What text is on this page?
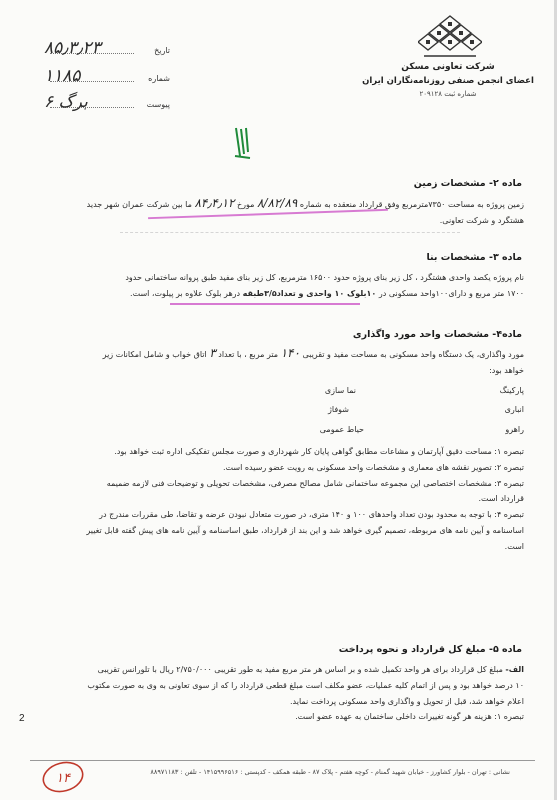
شرکت تعاونی مسکن
اعضای انجمن صنفی روزنامه‌نگاران ایران
شماره ثبت ۲۰۹۱۲۸
تاریخ
۸۵٫۳٫۲۳
شماره
۱۱۸۵
پیوست
۶ برگ
ماده ۲- مشخصات زمین
زمین پروژه به مساحت ۷۳۵۰مترمربع وفق قرارداد منعقده به شماره ۸/۸۲/۸۹ مورخ ۸۴٫۴٫۱۲ ما بین شرکت عمران شهر جدید
هشتگرد و شرکت تعاونی.
ماده ۳- مشخصات بنا
نام پروژه یکصد واحدی هشتگرد ، کل زیر بنای پروژه حدود ۱۶۵۰۰ مترمربع، کل زیر بنای مفید طبق پروانه ساختمانی حدود
۱۷۰۰ متر مربع و دارای۱۰۰واحد مسکونی در ۱۰بلوک ۱۰ واحدی و تعداد۳/۵طبقه درهر بلوک علاوه بر پیلوت، است.
ماده۴- مشخصات واحد مورد واگذاری
مورد واگذاری، یک دستگاه واحد مسکونی به مساحت مفید و تقریبی ۱۴۰ متر مربع ، با تعداد ۳ اتاق خواب و شامل امکانات زیر
خواهد بود:
پارکینگ
انباری
راهرو
نما سازی
شوفاژ
حیاط عمومی
تبصره ۱: مساحت دقیق آپارتمان و مشاعات مطابق گواهی پایان کار شهرداری و صورت مجلس تفکیکی اداره ثبت خواهد بود.
تبصره ۲: تصویر نقشه های معماری و مشخصات واحد مسکونی به رویت عضو رسیده است.
تبصره ۳: مشخصات اختصاصی این مجموعه ساختمانی شامل مصالح مصرفی، مشخصات تحویلی و توضیحات فنی لازمه ضمیمه
قرارداد است.
تبصره ۴: با توجه به محدود بودن تعداد واحدهای ۱۰۰ و ۱۴۰ متری، در صورت متعادل نبودن عرضه و تقاضا، طی مقررات مندرج در
اساسنامه و آیین نامه های مربوطه، تصمیم گیری خواهد شد و این بند از قرارداد، طبق اساسنامه و آیین نامه های پیش گفته قابل تغییر
است.
ماده ۵- مبلغ کل قرارداد و نحوه پرداخت
الف- مبلغ کل قرارداد برای هر واحد تکمیل شده و بر اساس هر متر مربع مفید به طور تقریبی ۲/۷۵۰/۰۰۰ ریال با تلورانس تقریبی
۱۰ درصد خواهد بود و پس از اتمام کلیه عملیات، عضو مکلف است مبلغ قطعی قرارداد را که از سوی تعاونی به وی به صورت مکتوب
اعلام خواهد شد، قبل از تحویل و واگذاری واحد مسکونی پرداخت نماید.
تبصره ۱: هزینه هر گونه تغییرات داخلی ساختمان به عهده عضو است.
2
نشانی : تهران - بلوار کشاورز - خیابان شهید گمنام - کوچه هفتم - پلاک ۸۷ - طبقه همکف - کدپستی : ۱۴۱۵۹۹۶۵۱۶ - تلفن : ۸۸۹۷۱۱۸۳
۱۴
